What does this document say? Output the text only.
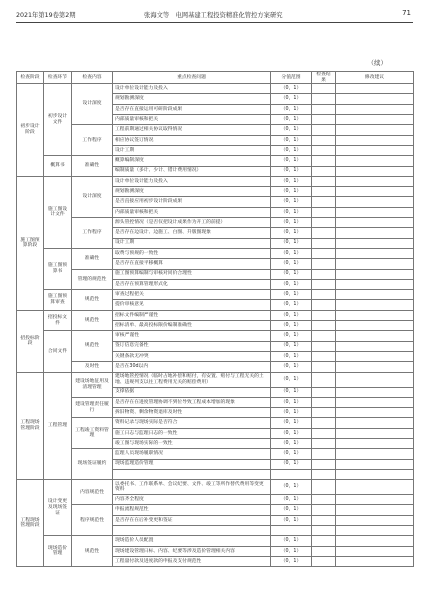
2021年第19卷第2期	张海文等　电网基建工程投资精准化管控方案研究	71
（续）
检查阶段	检查环节	检查内容	重点检查问题	分值范围	检查结果	修改建议
初步设计阶段	初步设计文件	设计深度	设计单位设计能力及投入	（0，1）		
			规划勘测深度	（0，1）		
			是否存在直接运用可研阶段成果	（0，1）		
			内部质量审核和把关	（0，1）		
		工作程序	工程前期通过相关协议取得情况	（0，1）		
			相应协议签订情况	（0，1）		
			设计工期	（0，1）		
	概算书	准确性	概算编制深度	（0，1）		
			编制质量（多计、少计、错计费用情况）	（0，1）		
施工图预算阶段	施工图设计文件	设计深度	设计单位设计能力及投入	（0，1）		
			规划勘测深度	（0，1）		
			是否直接应用初步设计阶段成果	（0，1）		
			内部质量审核和把关	（0，1）		
		工作程序	源头管控情况（是否仅把设计成果作为开工的前提）	（0，1）		
			是否存在边设计、边施工、白图、升版图现象	（0，1）		
			设计工期	（0，1）		
	施工图预算书	准确性	取费与预规的一致性	（0，1）		
			是否存在直接平移概算	（0，1）		
		管理的规范性	施工图预算编制与审核对同价合理性	（0，1）		
			是否存在预算管理形式化	（0，1）		
	施工图预算审查	规范性	审查过程把关	（0，1）		
			提价审核意见	（0，1）		
招投标阶段	招投标文件	规范性	招标文件编制严谨性	（0，1）		
			招标清单、最高投标限价编制准确性	（0，1）		
	合同文件	规范性	审核严谨性	（0，1）		
			签订信息完备性	（0，1）		
			关键条款无冲突	（0，1）		
		及时性	是否在30d以内	（0，1）		
工程现场管理阶段	工程管理	建设场地征用及清理管理	建场地管控情况（临时占地补偿和赔付，有安置、赔付与工程无关的土地、违规列支以往工程费用无关的赔偿费用）	（0，1）		
			支撑依据	（0，1）		
		建设管理责任履行	是否存在在进度管理协调不到位导致工程成本增加的现象	（0，1）		
			拆旧物资、剩余物资退库及时性	（0，1）		
		工程竣工资料管理	资料记录与现场实际是否符合	（0，1）		
			施工日志与监理日志的一致性	（0，1）		
			竣工图与现场实际的一致性	（0，1）		
		现场签证履约	监理人员现场履职情况	（0，1）		
			现场监理造价管理	（0，1）		

工程现场管理阶段	设计变更及现场签证	内容规范性	以委托书、工作联系单、会议纪要、文件、竣工等所作替代费用等变更资料	（0，1）		
			内容齐全程度	（0，1）		
		程序规范性	申报流程规范性	（0，1）		
			是否存在在后补变更和签证	（0，1）		

	现场造价管理	规范性	现场造价人员配置	（0，1）		
			现场建设管理日标、内容、纪要等涉及造价管理相关内容	（0，1）		
			工程量付款及进度款的申报及支付规范性	（0，1）		
